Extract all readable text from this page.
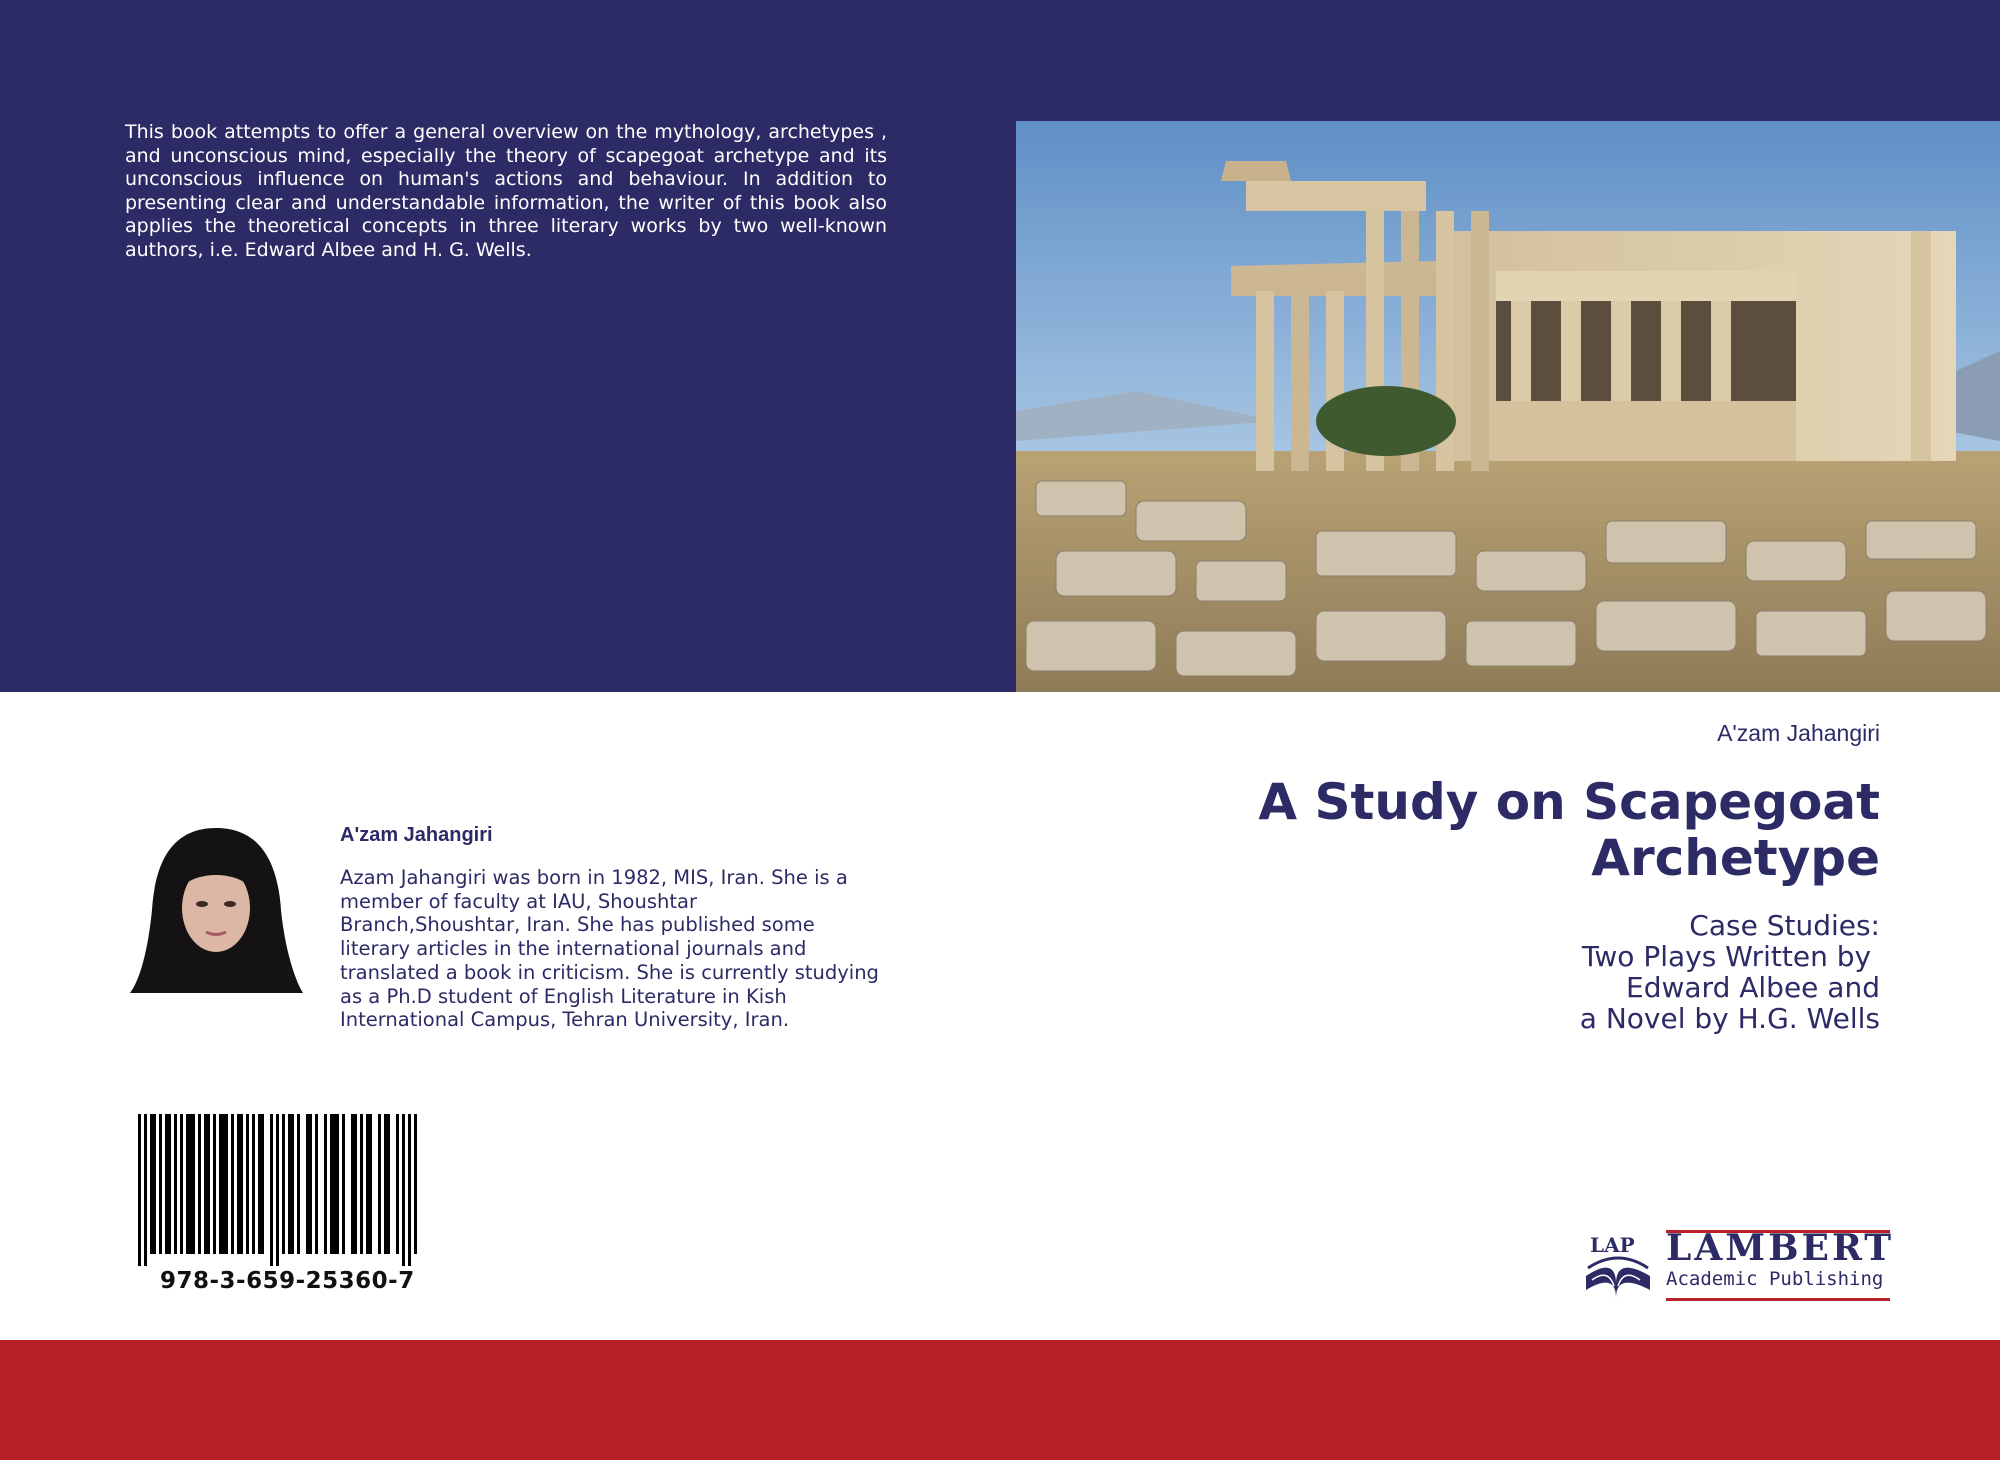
This book attempts to offer a general overview on the mythology, archetypes , and unconscious mind, especially the theory of scapegoat archetype and its unconscious influence on human's actions and behaviour. In addition to presenting clear and understandable information, the writer of this book also applies the theoretical concepts in three literary works by two well-known authors, i.e. Edward Albee and H. G. Wells.

A'zam Jahangiri
A Study on Scapegoat
Archetype
Case Studies:
Two Plays Written by
Edward Albee and
a Novel by H.G. Wells
A'zam Jahangiri

Azam Jahangiri was born in 1982, MIS, Iran. She is a member of faculty at IAU, Shoushtar Branch,Shoushtar, Iran. She has published some literary articles in the international journals and translated a book in criticism. She is currently studying as a Ph.D student of English Literature in Kish International Campus, Tehran University, Iran.

978-3-659-25360-7
LAP LAMBERT
Academic Publishing
